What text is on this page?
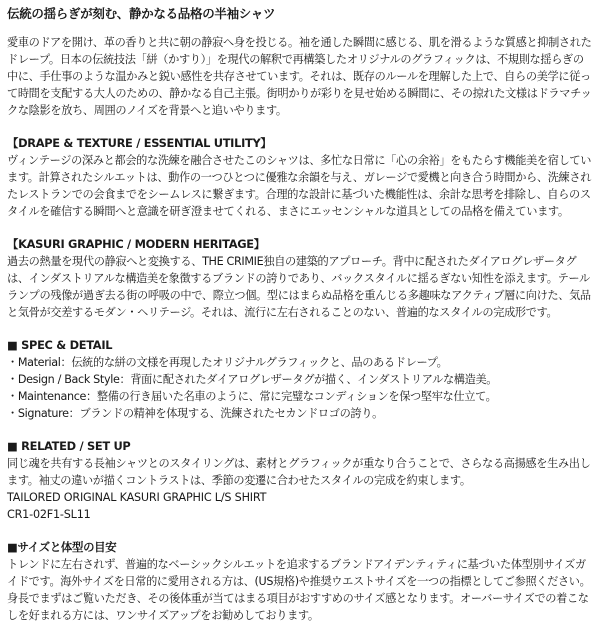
伝統の揺らぎが刻む、静かなる品格の半袖シャツ

愛車のドアを開け、革の香りと共に朝の静寂へ身を投じる。袖を通した瞬間に感じる、肌を滑るような質感と抑制されたドレープ。日本の伝統技法「絣（かすり）」を現代の解釈で再構築したオリジナルのグラフィックは、不規則な揺らぎの中に、手仕事のような温かみと鋭い感性を共存させています。それは、既存のルールを理解した上で、自らの美学に従って時間を支配する大人のための、静かなる自己主張。街明かりが彩りを見せ始める瞬間に、その掠れた文様はドラマチックな陰影を放ち、周囲のノイズを背景へと追いやります。

【DRAPE & TEXTURE / ESSENTIAL UTILITY】

ヴィンテージの深みと都会的な洗練を融合させたこのシャツは、多忙な日常に「心の余裕」をもたらす機能美を宿しています。計算されたシルエットは、動作の一つひとつに優雅な余韻を与え、ガレージで愛機と向き合う時間から、洗練されたレストランでの会食までをシームレスに繋ぎます。合理的な設計に基づいた機能性は、余計な思考を排除し、自らのスタイルを確信する瞬間へと意識を研ぎ澄ませてくれる、まさにエッセンシャルな道具としての品格を備えています。

【KASURI GRAPHIC / MODERN HERITAGE】

過去の熱量を現代の静寂へと変換する、THE CRIMIE独自の建築的アプローチ。背中に配されたダイアログレザータグは、インダストリアルな構造美を象徴するブランドの誇りであり、バックスタイルに揺るぎない知性を添えます。テールランプの残像が過ぎ去る街の呼吸の中で、際立つ個。型にはまらぬ品格を重んじる多趣味なアクティブ層に向けた、気品と気骨が交差するモダン・ヘリテージ。それは、流行に左右されることのない、普遍的なスタイルの完成形です。

■ SPEC & DETAIL

・Material：伝統的な絣の文様を再現したオリジナルグラフィックと、品のあるドレープ。
・Design / Back Style：背面に配されたダイアログレザータグが描く、インダストリアルな構造美。
・Maintenance：整備の行き届いた名車のように、常に完璧なコンディションを保つ堅牢な仕立て。
・Signature：ブランドの精神を体現する、洗練されたセカンドロゴの誇り。

■ RELATED / SET UP

同じ魂を共有する長袖シャツとのスタイリングは、素材とグラフィックが重なり合うことで、さらなる高揚感を生み出します。袖丈の違いが描くコントラストは、季節の変遷に合わせたスタイルの完成を約束します。

TAILORED ORIGINAL KASURI GRAPHIC L/S SHIRT

CR1-02F1-SL11

■サイズと体型の目安

トレンドに左右されず、普遍的なベーシックシルエットを追求するブランドアイデンティティに基づいた体型別サイズガイドです。海外サイズを日常的に愛用される方は、(US規格)や推奨ウエストサイズを一つの指標としてご参照ください。身長でまずはご覧いただき、その後体重が当てはまる項目がおすすめのサイズ感となります。オーバーサイズでの着こなしを好まれる方には、ワンサイズアップをお勧めしております。
